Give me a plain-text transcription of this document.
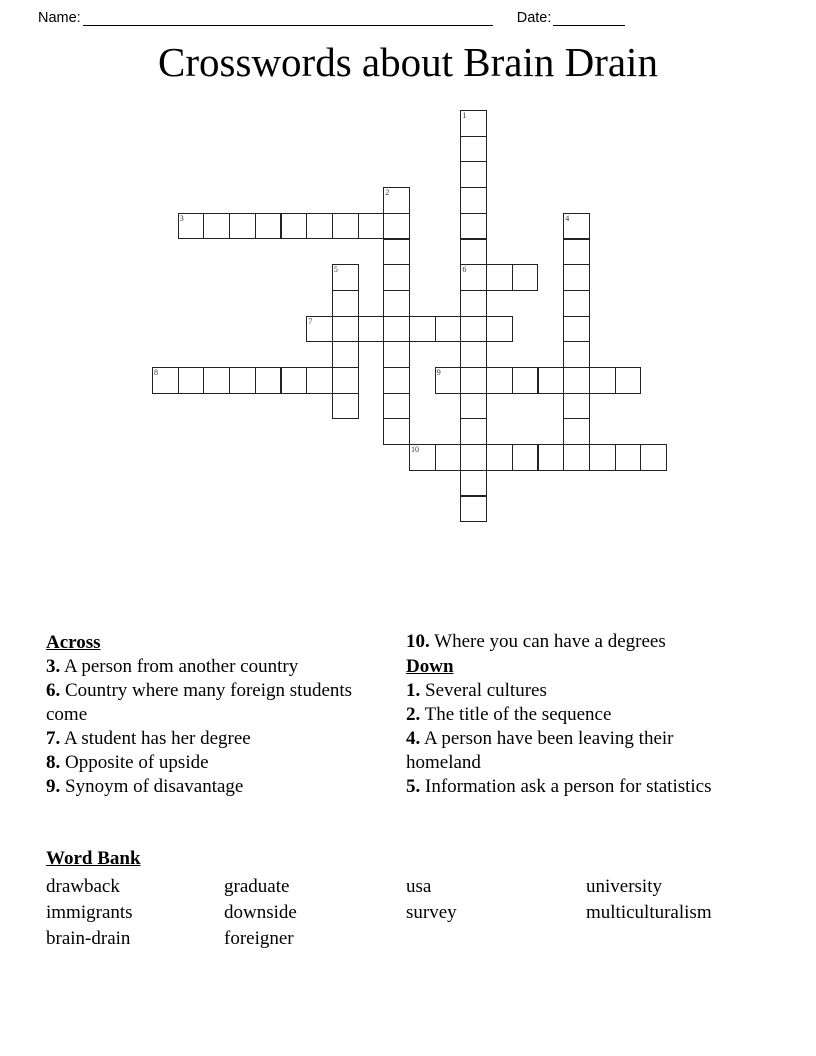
Name:	Date:
Crosswords about Brain Drain
1
6
2
3	4
5
7
8	9
10
Across
3. A person from another country
6. Country where many foreign students come
7. A student has her degree
8. Opposite of upside
9. Synoym of disavantage
10. Where you can have a degrees
Down
1. Several cultures
2. The title of the sequence
4. A person have been leaving their homeland
5. Information ask a person for statistics
Word Bank
drawback	graduate	usa	university
immigrants	downside	survey	multiculturalism
brain-drain	foreigner
